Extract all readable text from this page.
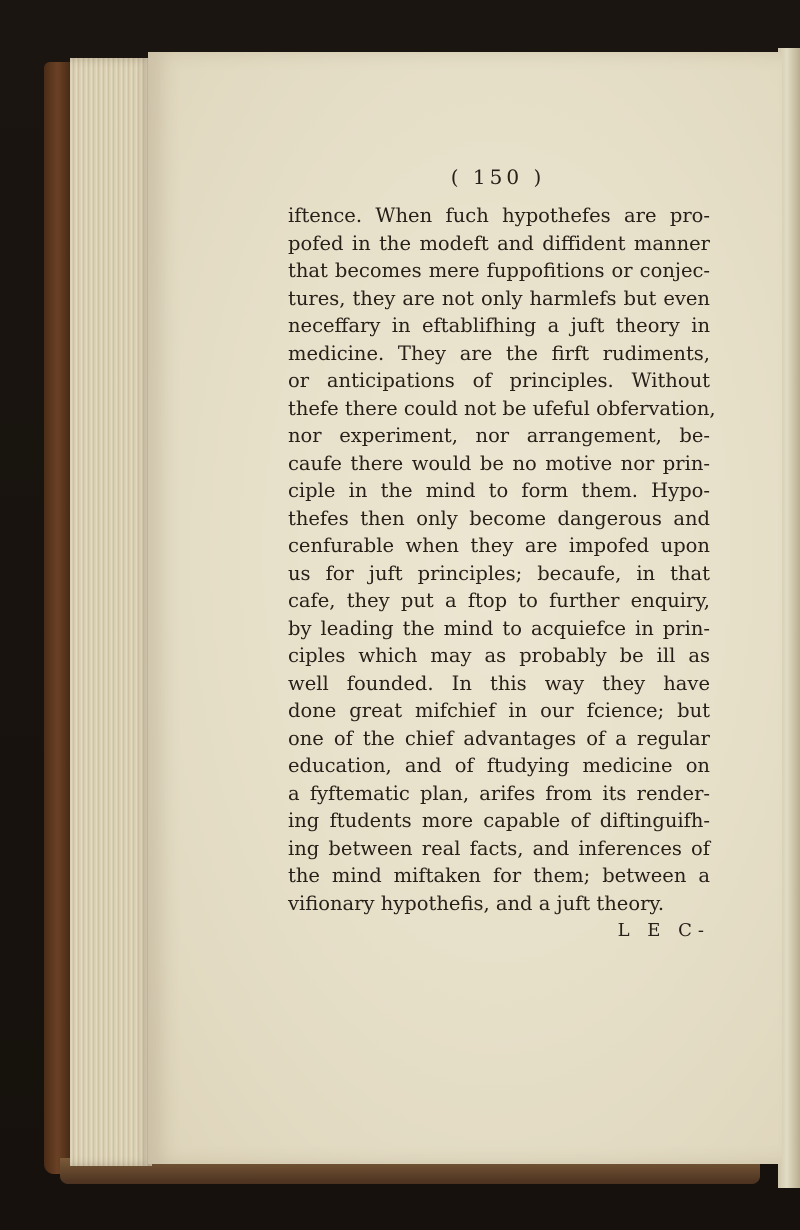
( 150 )
iftence. When fuch hypothefes are pro-
pofed in the modeft and diffident manner
that becomes mere fuppofitions or conjec-
tures, they are not only harmlefs but even
neceffary in eftablifhing a juft theory in
medicine. They are the firft rudiments,
or anticipations of principles. Without
thefe there could not be ufeful obfervation,
nor experiment, nor arrangement, be-
caufe there would be no motive nor prin-
ciple in the mind to form them. Hypo-
thefes then only become dangerous and
cenfurable when they are impofed upon
us for juft principles; becaufe, in that
cafe, they put a ftop to further enquiry,
by leading the mind to acquiefce in prin-
ciples which may as probably be ill as
well founded. In this way they have
done great mifchief in our fcience; but
one of the chief advantages of a regular
education, and of ftudying medicine on
a fyftematic plan, arifes from its render-
ing ftudents more capable of diftinguifh-
ing between real facts, and inferences of
the mind miftaken for them; between a
vifionary hypothefis, and a juft theory.
L E C-
